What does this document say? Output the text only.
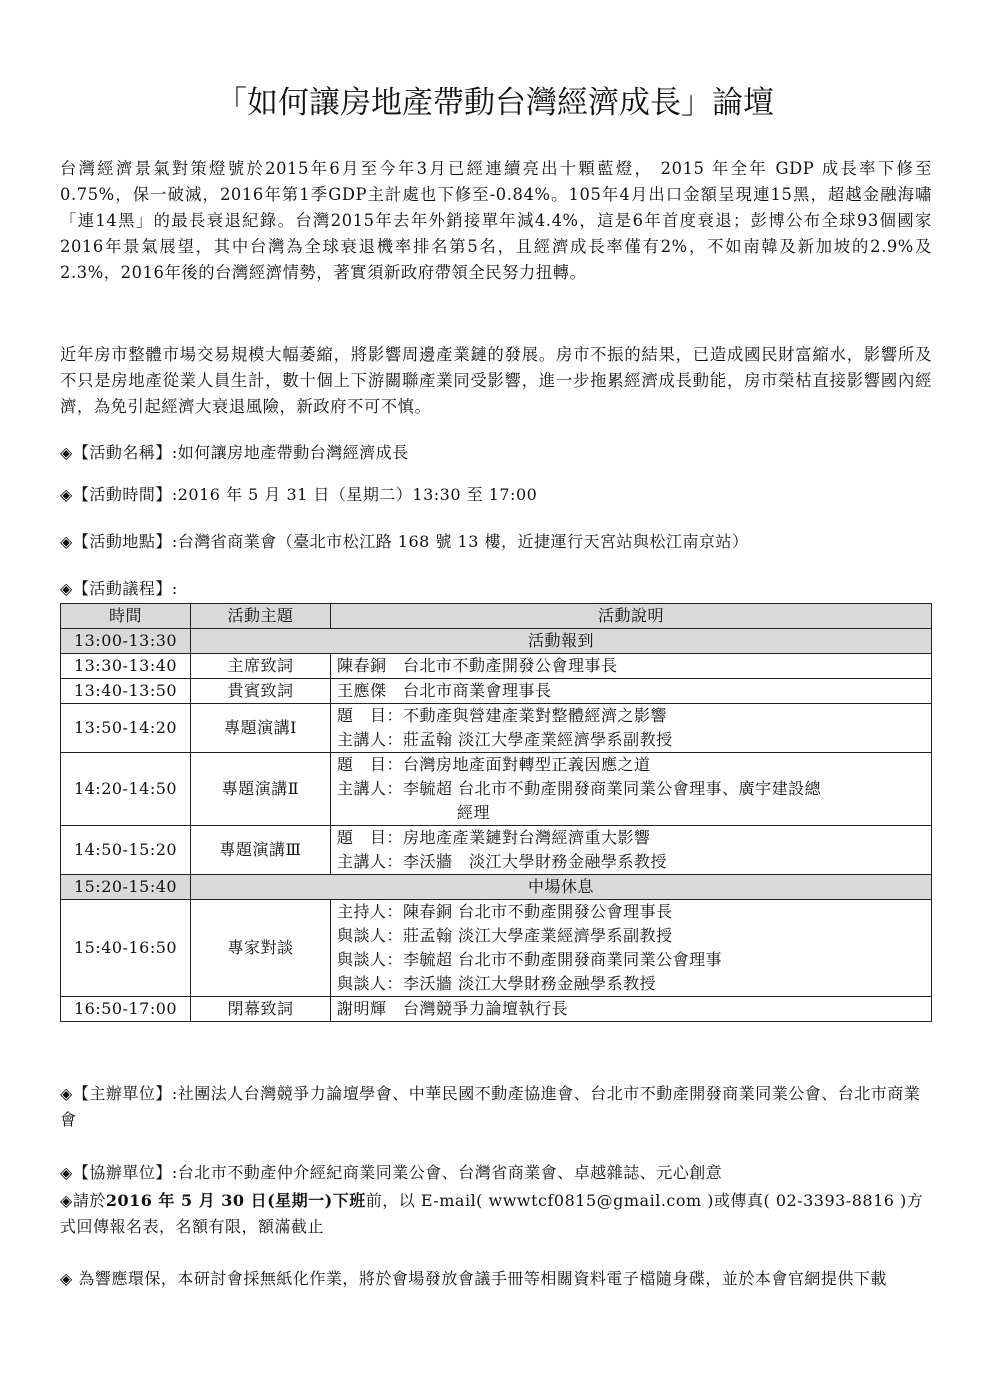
「如何讓房地產帶動台灣經濟成長」論壇

台灣經濟景氣對策燈號於2015年6月至今年3月已經連續亮出十顆藍燈， 2015 年全年 GDP 成長率下修至 0.75%，保一破滅，2016年第1季GDP主計處也下修至-0.84%。105年4月出口金額呈現連15黑，超越金融海嘯「連14黑」的最長衰退紀錄。台灣2015年去年外銷接單年減4.4%，這是6年首度衰退；彭博公布全球93個國家2016年景氣展望，其中台灣為全球衰退機率排名第5名，且經濟成長率僅有2%，不如南韓及新加坡的2.9%及2.3%，2016年後的台灣經濟情勢，著實須新政府帶領全民努力扭轉。

近年房市整體市場交易規模大幅萎縮，將影響周邊產業鏈的發展。房市不振的結果，已造成國民財富縮水，影響所及不只是房地產從業人員生計，數十個上下游關聯產業同受影響，進一步拖累經濟成長動能，房市榮枯直接影響國內經濟，為免引起經濟大衰退風險，新政府不可不慎。

◈【活動名稱】:如何讓房地產帶動台灣經濟成長
◈【活動時間】:2016 年 5 月 31 日（星期二）13:30 至 17:00
◈【活動地點】:台灣省商業會（臺北市松江路 168 號 13 樓，近捷運行天宮站與松江南京站）
◈【活動議程】:
時間	活動主題	活動說明
13:00-13:30	活動報到	
13:30-13:40	主席致詞	陳春銅　台北市不動產開發公會理事長
13:40-13:50	貴賓致詞	王應傑　台北市商業會理事長
13:50-14:20	專題演講Ⅰ	題　目：不動產與營建產業對整體經濟之影響
主講人：莊孟翰 淡江大學產業經濟學系副教授

14:20-14:50	專題演講Ⅱ	題　目：台灣房地產面對轉型正義因應之道
主講人：李毓超 台北市不動產開發商業同業公會理事、廣宇建設總
經理

14:50-15:20	專題演講Ⅲ	題　目：房地產產業鏈對台灣經濟重大影響
主講人：李沃牆　淡江大學財務金融學系教授

15:20-15:40	中場休息	
15:40-16:50	專家對談	主持人：陳春銅 台北市不動產開發公會理事長
與談人：莊孟翰 淡江大學產業經濟學系副教授
與談人：李毓超 台北市不動產開發商業同業公會理事
與談人：李沃牆 淡江大學財務金融學系教授

16:50-17:00	閉幕致詞	謝明輝　台灣競爭力論壇執行長
◈【主辦單位】:社團法人台灣競爭力論壇學會、中華民國不動產協進會、台北市不動產開發商業同業公會、台北市商業會
◈【協辦單位】:台北市不動產仲介經紀商業同業公會、台灣省商業會、卓越雜誌、元心創意
◈請於2016 年 5 月 30 日(星期一)下班前，以 E-mail( wwwtcf0815@gmail.com )或傳真( 02-3393-8816 )方式回傳報名表，名額有限，額滿截止
◈ 為響應環保，本研討會採無紙化作業，將於會場發放會議手冊等相關資料電子檔隨身碟，並於本會官網提供下載
